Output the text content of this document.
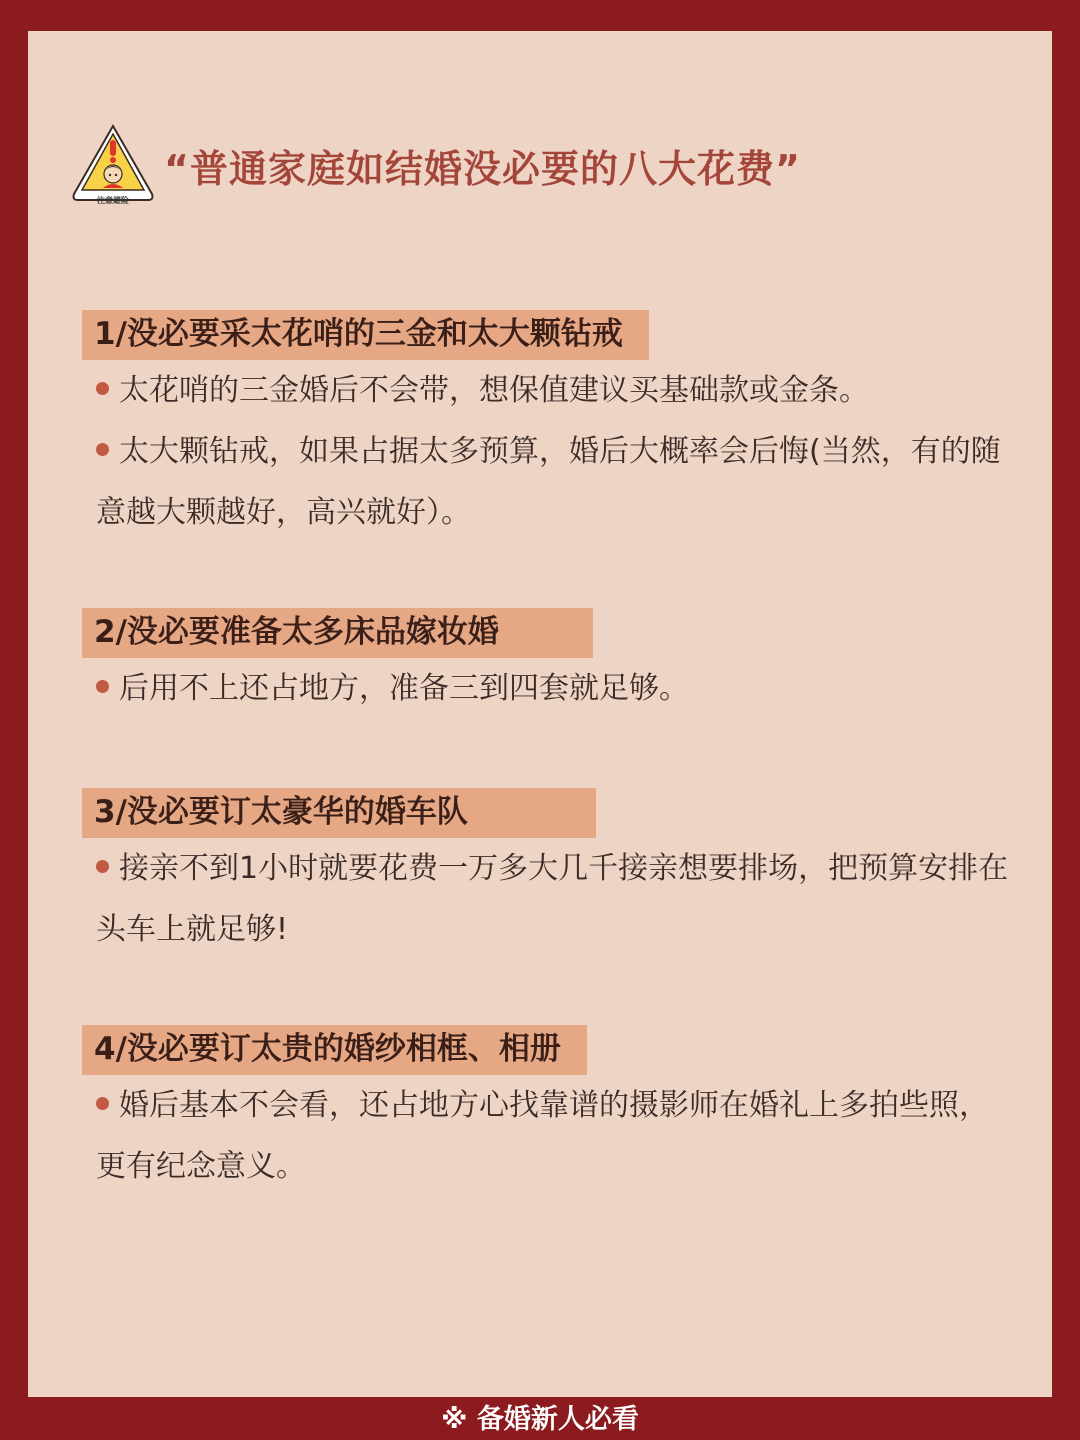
注意避险
“普通家庭如结婚没必要的八大花费”
1/没必要采太花哨的三金和太大颗钻戒

太花哨的三金婚后不会带，想保值建议买基础款或金条。

太大颗钻戒，如果占据太多预算，婚后大概率会后悔(当然，有的随意越大颗越好，高兴就好）。

2/没必要准备太多床品嫁妆婚

后用不上还占地方，准备三到四套就足够。

3/没必要订太豪华的婚车队

接亲不到1小时就要花费一万多大几千接亲想要排场，把预算安排在头车上就足够!

4/没必要订太贵的婚纱相框、相册

婚后基本不会看，还占地方心找靠谱的摄影师在婚礼上多拍些照，更有纪念意义。

※ 备婚新人必看
